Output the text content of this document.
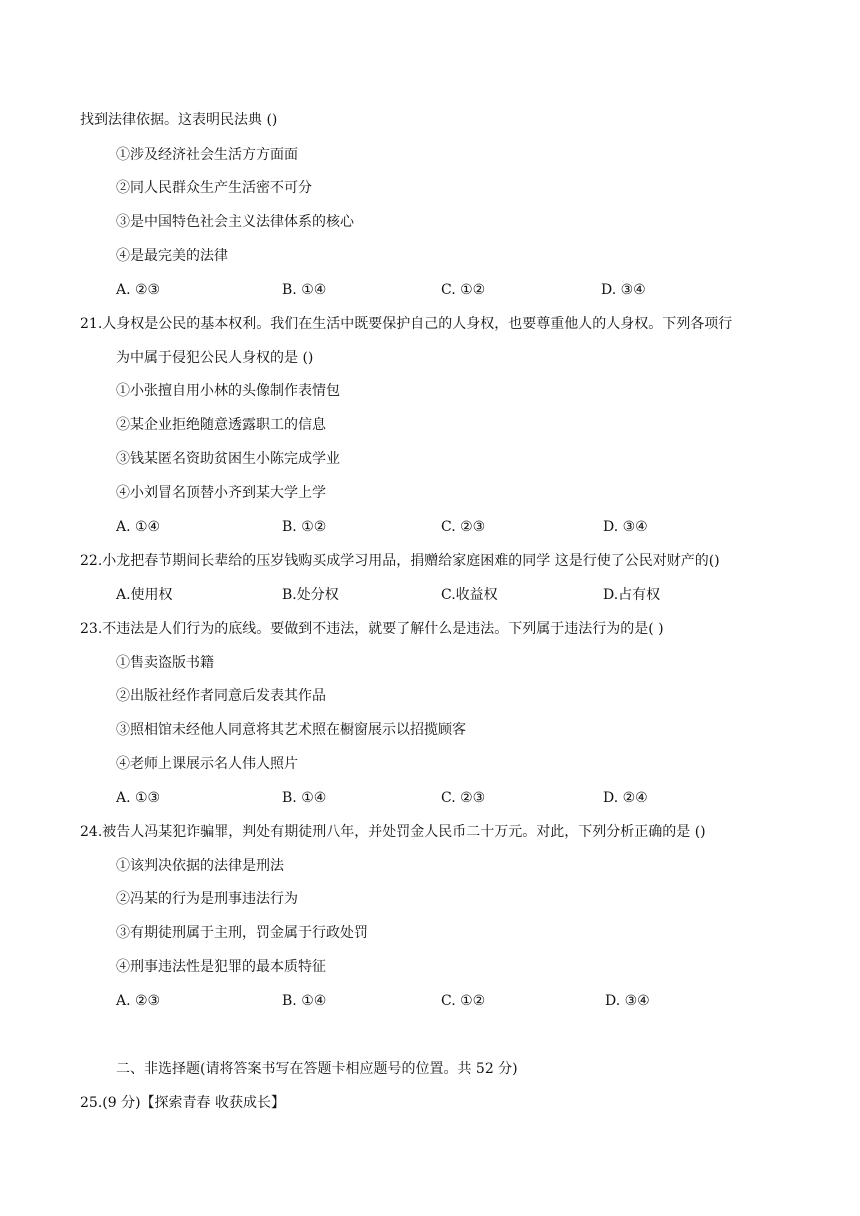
找到法律依据。这表明民法典 ()
①涉及经济社会生活方方面面
②同人民群众生产生活密不可分
③是中国特色社会主义法律体系的核心
④是最完美的法律
A. ②③	B. ①④	C. ①②	D. ③④
21.人身权是公民的基本权利。我们在生活中既要保护自己的人身权，也要尊重他人的人身权。下列各项行
为中属于侵犯公民人身权的是 ()
①小张擅自用小林的头像制作表情包
②某企业拒绝随意透露职工的信息
③钱某匿名资助贫困生小陈完成学业
④小刘冒名顶替小齐到某大学上学
A. ①④	B. ①②	C. ②③	D. ③④
22.小龙把春节期间长辈给的压岁钱购买成学习用品，捐赠给家庭困难的同学 这是行使了公民对财产的()
A.使用权	B.处分权	C.收益权	D.占有权
23.不违法是人们行为的底线。要做到不违法，就要了解什么是违法。下列属于违法行为的是( )
①售卖盗版书籍
②出版社经作者同意后发表其作品
③照相馆未经他人同意将其艺术照在橱窗展示以招揽顾客
④老师上课展示名人伟人照片
A. ①③	B. ①④	C. ②③	D. ②④
24.被告人冯某犯诈骗罪，判处有期徒刑八年，并处罚金人民币二十万元。对此，下列分析正确的是 ()
①该判决依据的法律是刑法
②冯某的行为是刑事违法行为
③有期徒刑属于主刑，罚金属于行政处罚
④刑事违法性是犯罪的最本质特征
A. ②③	B. ①④	C. ①②	D. ③④
二、非选择题(请将答案书写在答题卡相应题号的位置。共 52 分)
25.(9 分)【探索青春 收获成长】
